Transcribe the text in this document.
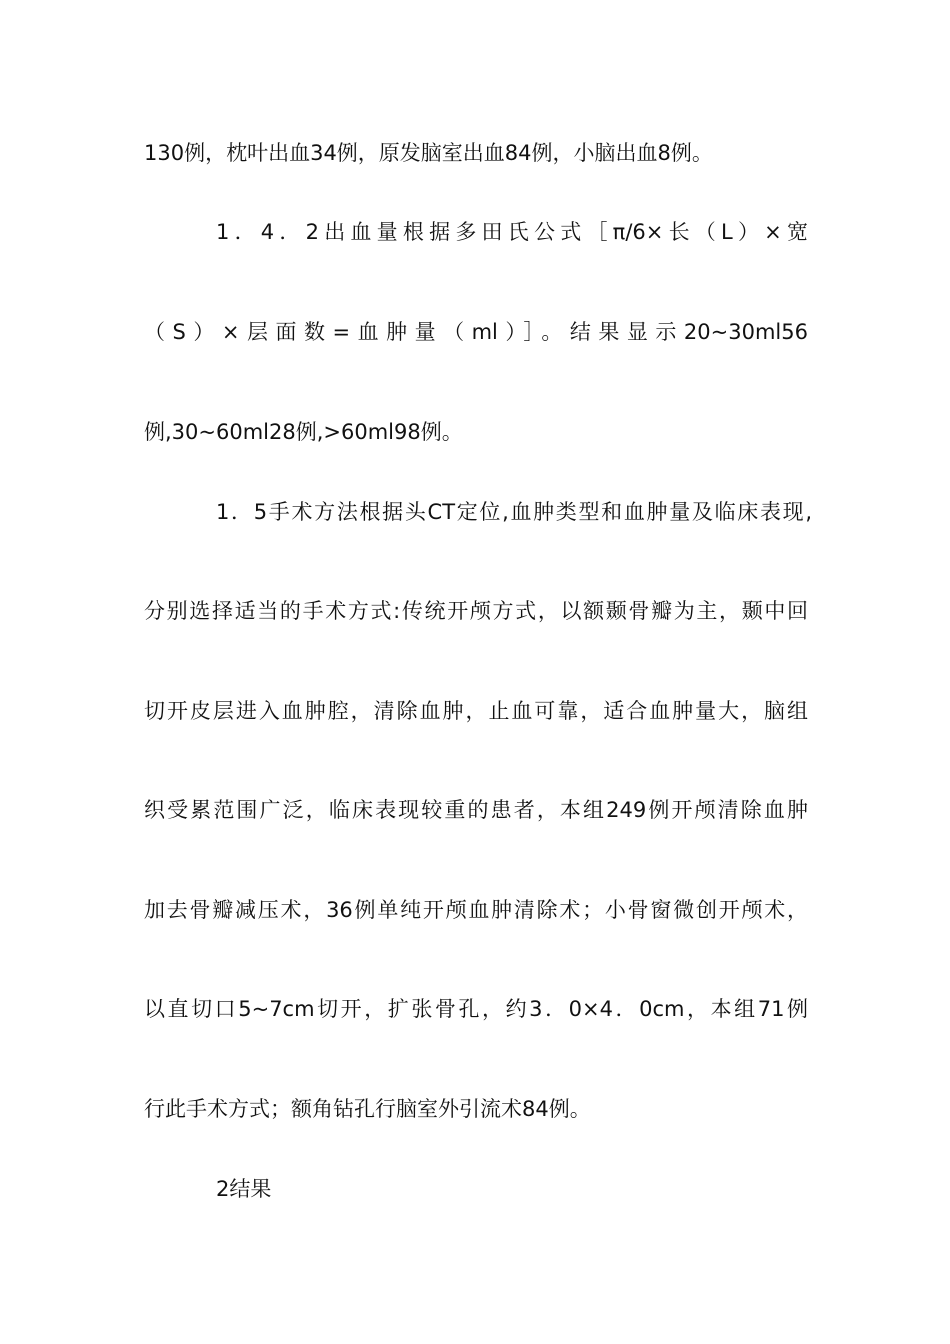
130例，枕叶出血34例，原发脑室出血84例，小脑出血8例。
1．4．2出血量根据多田氏公式［π/6×长（L）×宽
（S）×层面数=血肿量（ml）］。结果显示20~30ml56
例,30~60ml28例,>60ml98例。
1．5手术方法根据头CT定位,血肿类型和血肿量及临床表现,
分别选择适当的手术方式:传统开颅方式，以额颞骨瓣为主，颞中回
切开皮层进入血肿腔，清除血肿，止血可靠，适合血肿量大，脑组
织受累范围广泛，临床表现较重的患者，本组249例开颅清除血肿
加去骨瓣减压术，36例单纯开颅血肿清除术；小骨窗微创开颅术，
以直切口5~7cm切开，扩张骨孔，约3．0×4．0cm，本组71例
行此手术方式；额角钻孔行脑室外引流术84例。
2结果
